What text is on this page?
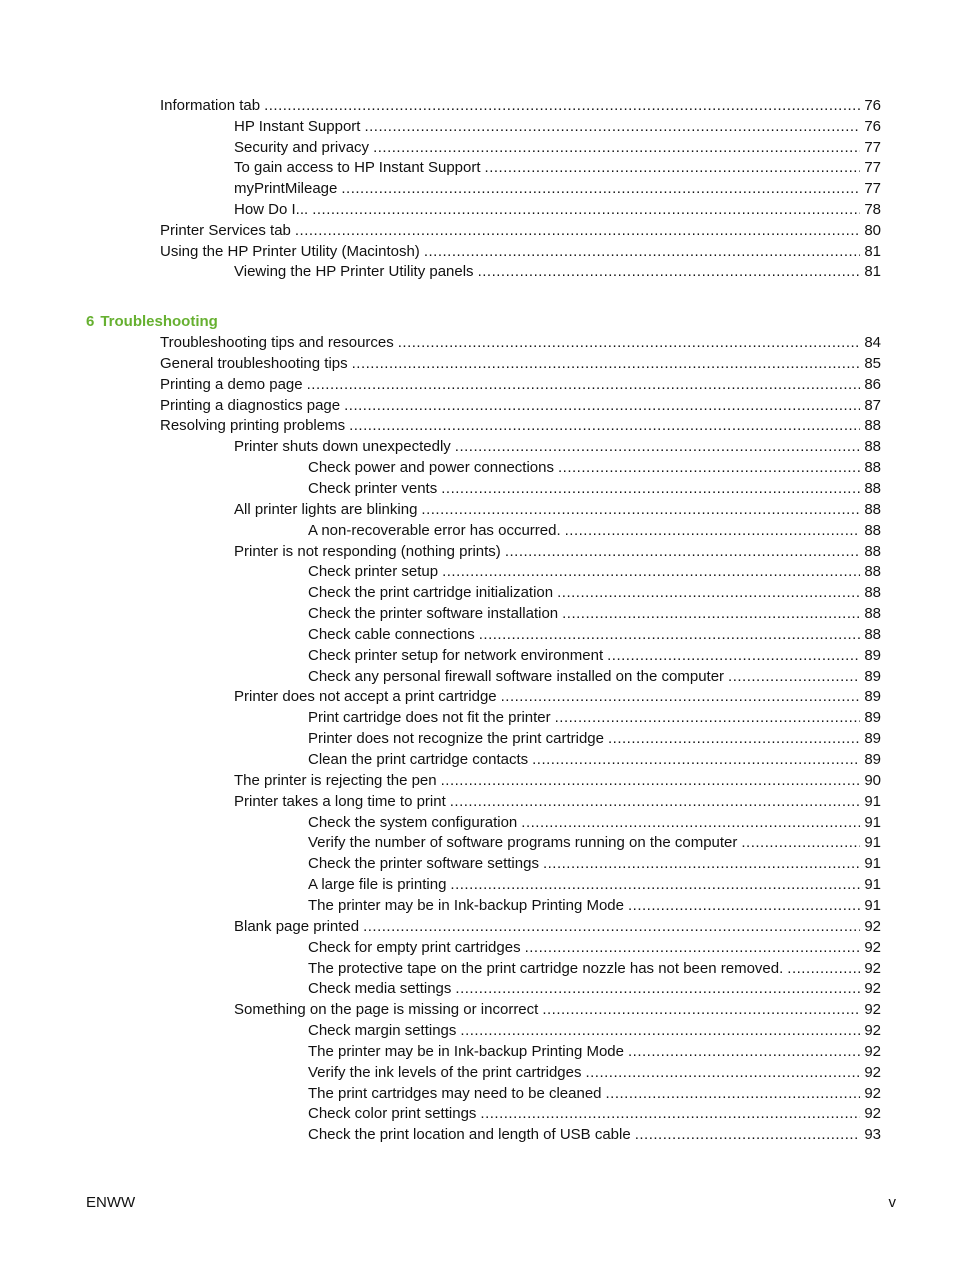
Information tab .....	76
HP Instant Support .....	76
Security and privacy .....	77
To gain access to HP Instant Support .....	77
myPrintMileage .....	77
How Do I... .....	78
Printer Services tab .....	80
Using the HP Printer Utility (Macintosh) .....	81
Viewing the HP Printer Utility panels .....	81
6 Troubleshooting
Troubleshooting tips and resources .....	84
General troubleshooting tips .....	85
Printing a demo page .....	86
Printing a diagnostics page .....	87
Resolving printing problems .....	88
Printer shuts down unexpectedly .....	88
Check power and power connections .....	88
Check printer vents .....	88
All printer lights are blinking .....	88
A non-recoverable error has occurred. .....	88
Printer is not responding (nothing prints) .....	88
Check printer setup .....	88
Check the print cartridge initialization .....	88
Check the printer software installation .....	88
Check cable connections .....	88
Check printer setup for network environment .....	89
Check any personal firewall software installed on the computer .....	89
Printer does not accept a print cartridge .....	89
Print cartridge does not fit the printer .....	89
Printer does not recognize the print cartridge .....	89
Clean the print cartridge contacts .....	89
The printer is rejecting the pen .....	90
Printer takes a long time to print .....	91
Check the system configuration .....	91
Verify the number of software programs running on the computer .....	91
Check the printer software settings .....	91
A large file is printing .....	91
The printer may be in Ink-backup Printing Mode .....	91
Blank page printed .....	92
Check for empty print cartridges .....	92
The protective tape on the print cartridge nozzle has not been removed. .....	92
Check media settings .....	92
Something on the page is missing or incorrect .....	92
Check margin settings .....	92
The printer may be in Ink-backup Printing Mode .....	92
Verify the ink levels of the print cartridges .....	92
The print cartridges may need to be cleaned .....	92
Check color print settings .....	92
Check the print location and length of USB cable .....	93
ENWW	v
